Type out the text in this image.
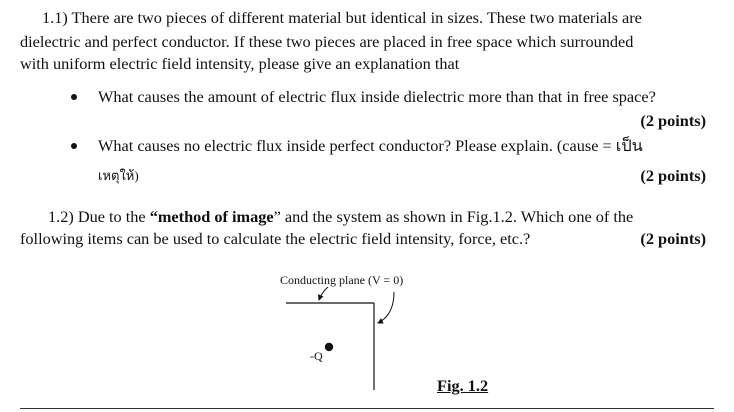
1.1) There are two pieces of different material but identical in sizes. These two materials are
dielectric and perfect conductor. If these two pieces are placed in free space which surrounded
with uniform electric field intensity, please give an explanation that
What causes the amount of electric flux inside dielectric more than that in free space?
(2 points)
What causes no electric flux inside perfect conductor? Please explain. (cause = เป็น
เหตุให้)	(2 points)
1.2) Due to the “method of image” and the system as shown in Fig.1.2. Which one of the
following items can be used to calculate the electric field intensity, force, etc.?	(2 points)
Conducting plane (V = 0)
-Q
Fig. 1.2
